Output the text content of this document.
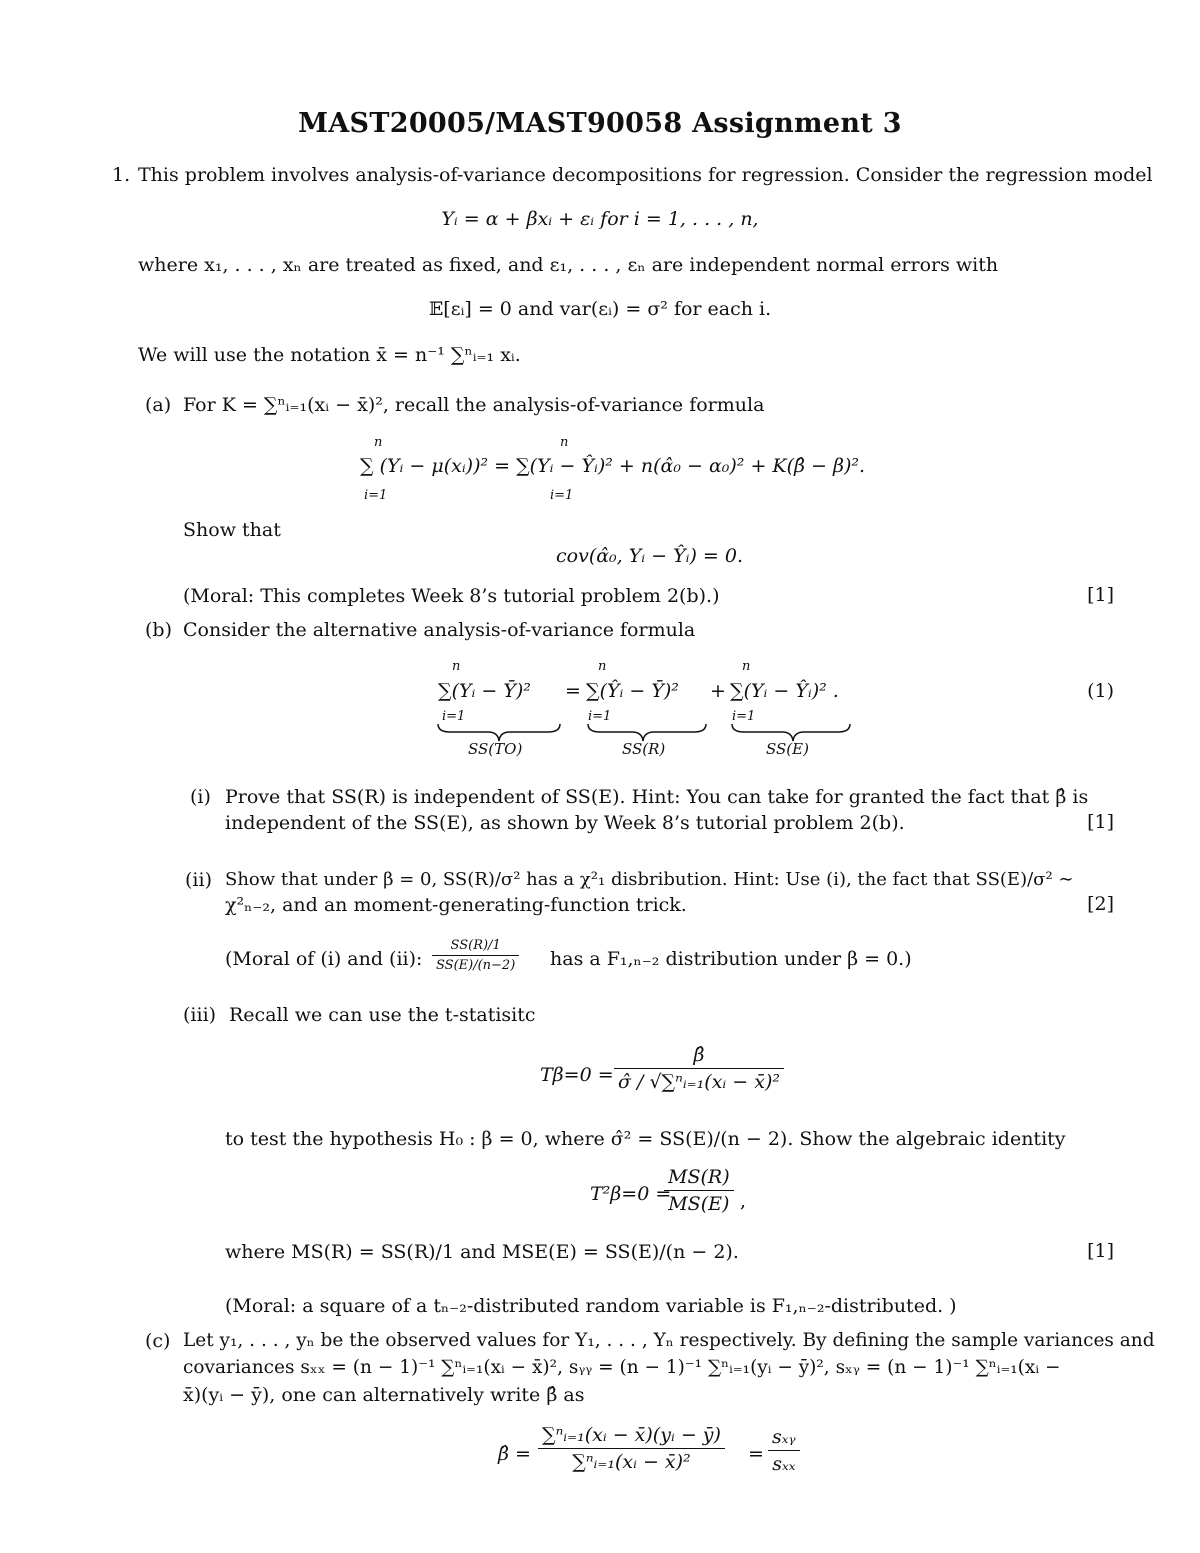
MAST20005/MAST90058 Assignment 3
1. This problem involves analysis-of-variance decompositions for regression. Consider the regression model
Yᵢ = α + βxᵢ + εᵢ for i = 1, . . . , n,
where x₁, . . . , xₙ are treated as fixed, and ε₁, . . . , εₙ are independent normal errors with
𝔼[εᵢ] = 0 and var(εᵢ) = σ² for each i.
We will use the notation x̄ = n⁻¹ ∑ⁿᵢ₌₁ xᵢ.
(a) For K = ∑ⁿᵢ₌₁(xᵢ − x̄)², recall the analysis-of-variance formula
n
i=1
n
i=1
∑ (Yᵢ − μ(xᵢ))² = ∑(Yᵢ − Ŷᵢ)² + n(α̂₀ − α₀)² + K(β̂ − β)².
Show that
cov(α̂₀, Yᵢ − Ŷᵢ) = 0.
(Moral: This completes Week 8’s tutorial problem 2(b).)	[1]
(b) Consider the alternative analysis-of-variance formula
n
i=1
n
i=1
n
i=1
∑(Yᵢ − Ȳ)² = ∑(Ŷᵢ − Ȳ)² + ∑(Yᵢ − Ŷᵢ)² .	(1)
SS(TO)	SS(R)	SS(E)
(i) Prove that SS(R) is independent of SS(E). Hint: You can take for granted the fact that β̂ is
independent of the SS(E), as shown by Week 8’s tutorial problem 2(b).	[1]
(ii) Show that under β = 0, SS(R)/σ² has a χ²₁ disbribution. Hint: Use (i), the fact that SS(E)/σ² ∼
χ²ₙ₋₂, and an moment-generating-function trick.	[2]
(Moral of (i) and (ii): $\frac{SS(R)/1}{SS(E)/(n-2)}$ has a F₁,ₙ₋₂ distribution under β = 0.)
(iii) Recall we can use the t-statisitc
$T\beta=0 = \frac{\betâ}{\text{σ̂ / √∑ⁿᵢ₌₁(xᵢ − x̄)²}}$
to test the hypothesis H₀ : β = 0, where σ̂² = SS(E)/(n − 2). Show the algebraic identity
T²β=0 =
$\frac{MS(R)}{MS(E)}$ ,
where MS(R) = SS(R)/1 and MSE(E) = SS(E)/(n − 2).	[1]
(Moral: a square of a tₙ₋₂-distributed random variable is F₁,ₙ₋₂-distributed. )
(c) Let y₁, . . . , yₙ be the observed values for Y₁, . . . , Yₙ respectively. By defining the sample variances and
covariances sₓₓ = (n − 1)⁻¹ ∑ⁿᵢ₌₁(xᵢ − x̄)², sᵧᵧ = (n − 1)⁻¹ ∑ⁿᵢ₌₁(yᵢ − ȳ)², sₓᵧ = (n − 1)⁻¹ ∑ⁿᵢ₌₁(xᵢ −
x̄)(yᵢ − ȳ), one can alternatively write β̂ as
β̂ = $\frac{\text{∑ⁿᵢ₌₁(xᵢ − x̄)(yᵢ − ȳ)}}{\text{∑ⁿᵢ₌₁(xᵢ − x̄)²}} = \frac{\text{sₓᵧ}}{\text{sₓₓ}}$
